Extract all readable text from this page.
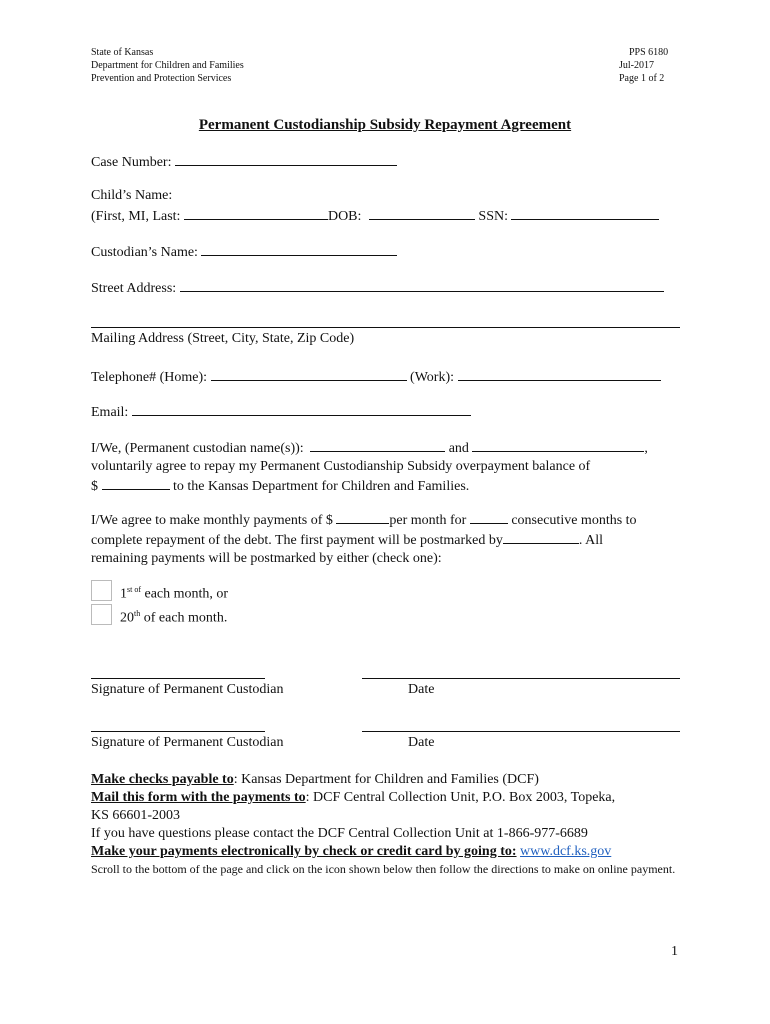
State of Kansas
Department for Children and Families
Prevention and Protection Services
PPS 6180
Jul-2017
Page 1 of 2
Permanent Custodianship Subsidy Repayment Agreement
Case Number:
Child’s Name:
(First, MI, Last:	DOB:	SSN:
Custodian’s Name:
Street Address:
Mailing Address (Street, City, State, Zip Code)
Telephone# (Home):	(Work):
Email:
I/We, (Permanent custodian name(s)):	and	,
voluntarily agree to repay my Permanent Custodianship Subsidy overpayment balance of
$	to the Kansas Department for Children and Families.
I/We agree to make monthly payments of $	per month for	consecutive months to
complete repayment of the debt. The first payment will be postmarked by	. All
remaining payments will be postmarked by either (check one):
$1^{st of}$ each month, or
20th of each month.
Signature of Permanent Custodian	Date
Signature of Permanent Custodian	Date
Make checks payable to: Kansas Department for Children and Families (DCF)
Mail this form with the payments to: DCF Central Collection Unit, P.O. Box 2003, Topeka,
KS 66601-2003
If you have questions please contact the DCF Central Collection Unit at 1-866-977-6689
Make your payments electronically by check or credit card by going to: www.dcf.ks.gov
Scroll to the bottom of the page and click on the icon shown below then follow the directions to make on online payment.
1
